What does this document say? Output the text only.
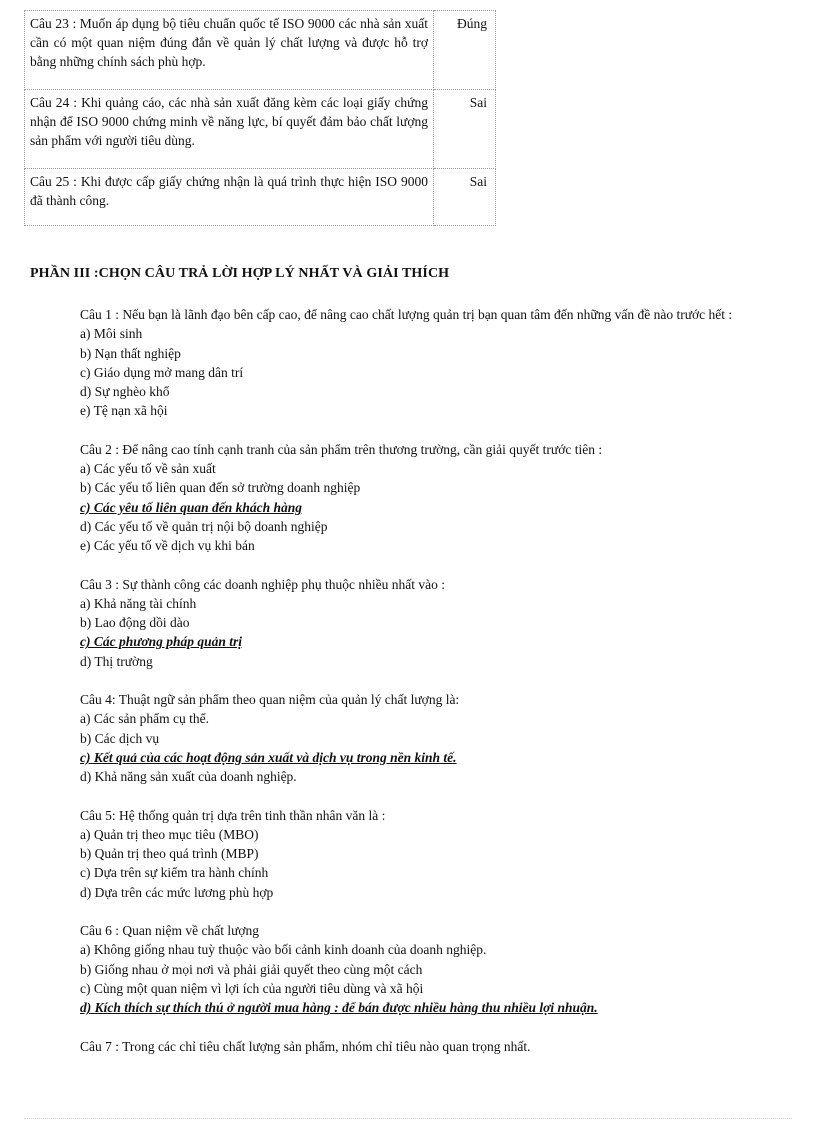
Câu 23 : Muốn áp dụng bộ tiêu chuẩn quốc tế ISO 9000 các nhà sản xuất cần có một quan niệm đúng đắn về quản lý chất lượng và được hỗ trợ bằng những chính sách phù hợp.	Đúng
Câu 24 : Khi quảng cáo, các nhà sản xuất đăng kèm các loại giấy chứng nhận để ISO 9000 chứng minh về năng lực, bí quyết đảm bảo chất lượng sản phẩm với người tiêu dùng.	Sai
Câu 25 : Khi được cấp giấy chứng nhận là quá trình thực hiện ISO 9000 đã thành công.	Sai
PHẦN III :CHỌN CÂU TRẢ LỜI HỢP LÝ NHẤT VÀ GIẢI THÍCH

Câu 1 : Nếu bạn là lãnh đạo bên cấp cao, để nâng cao chất lượng quản trị bạn quan tâm đến những vấn đề nào trước hết :

a) Môi sinh

b) Nạn thất nghiệp

c) Giáo dụng mở mang dân trí

d) Sự nghèo khổ

e) Tệ nạn xã hội

Câu 2 : Để nâng cao tính cạnh tranh của sản phẩm trên thương trường, cần giải quyết trước tiên :

a) Các yếu tố về sản xuất

b) Các yếu tố liên quan đến sở trường doanh nghiệp

c) Các yêu tố liên quan đến khách hàng

d) Các yếu tố về quản trị nội bộ doanh nghiệp

e) Các yếu tố về dịch vụ khi bán

Câu 3 : Sự thành công các doanh nghiệp phụ thuộc nhiều nhất vào :

a) Khả năng tài chính

b) Lao động dồi dào

c) Các phương pháp quản trị

d) Thị trường

Câu 4: Thuật ngữ sản phẩm theo quan niệm của quản lý chất lượng là:

a) Các sản phẩm cụ thể.

b) Các dịch vụ

c) Kết quả của các hoạt động sản xuất và dịch vụ trong nền kinh tế.

d) Khả năng sản xuất của doanh nghiệp.

Câu 5: Hệ thống quản trị dựa trên tinh thần nhân văn là :

a) Quản trị theo mục tiêu (MBO)

b) Quản trị theo quá trình (MBP)

c) Dựa trên sự kiểm tra hành chính

d) Dựa trên các mức lương phù hợp

Câu 6 : Quan niệm về chất lượng

a) Không giống nhau tuỳ thuộc vào bối cảnh kinh doanh của doanh nghiệp.

b) Giống nhau ở mọi nơi và phải giải quyết theo cùng một cách

c) Cùng một quan niệm vì lợi ích của người tiêu dùng và xã hội

d) Kích thích sự thích thú ở người mua hàng : để bán được nhiều hàng thu nhiều lợi nhuận.

Câu 7 : Trong các chỉ tiêu chất lượng sản phẩm, nhóm chỉ tiêu nào quan trọng nhất.
